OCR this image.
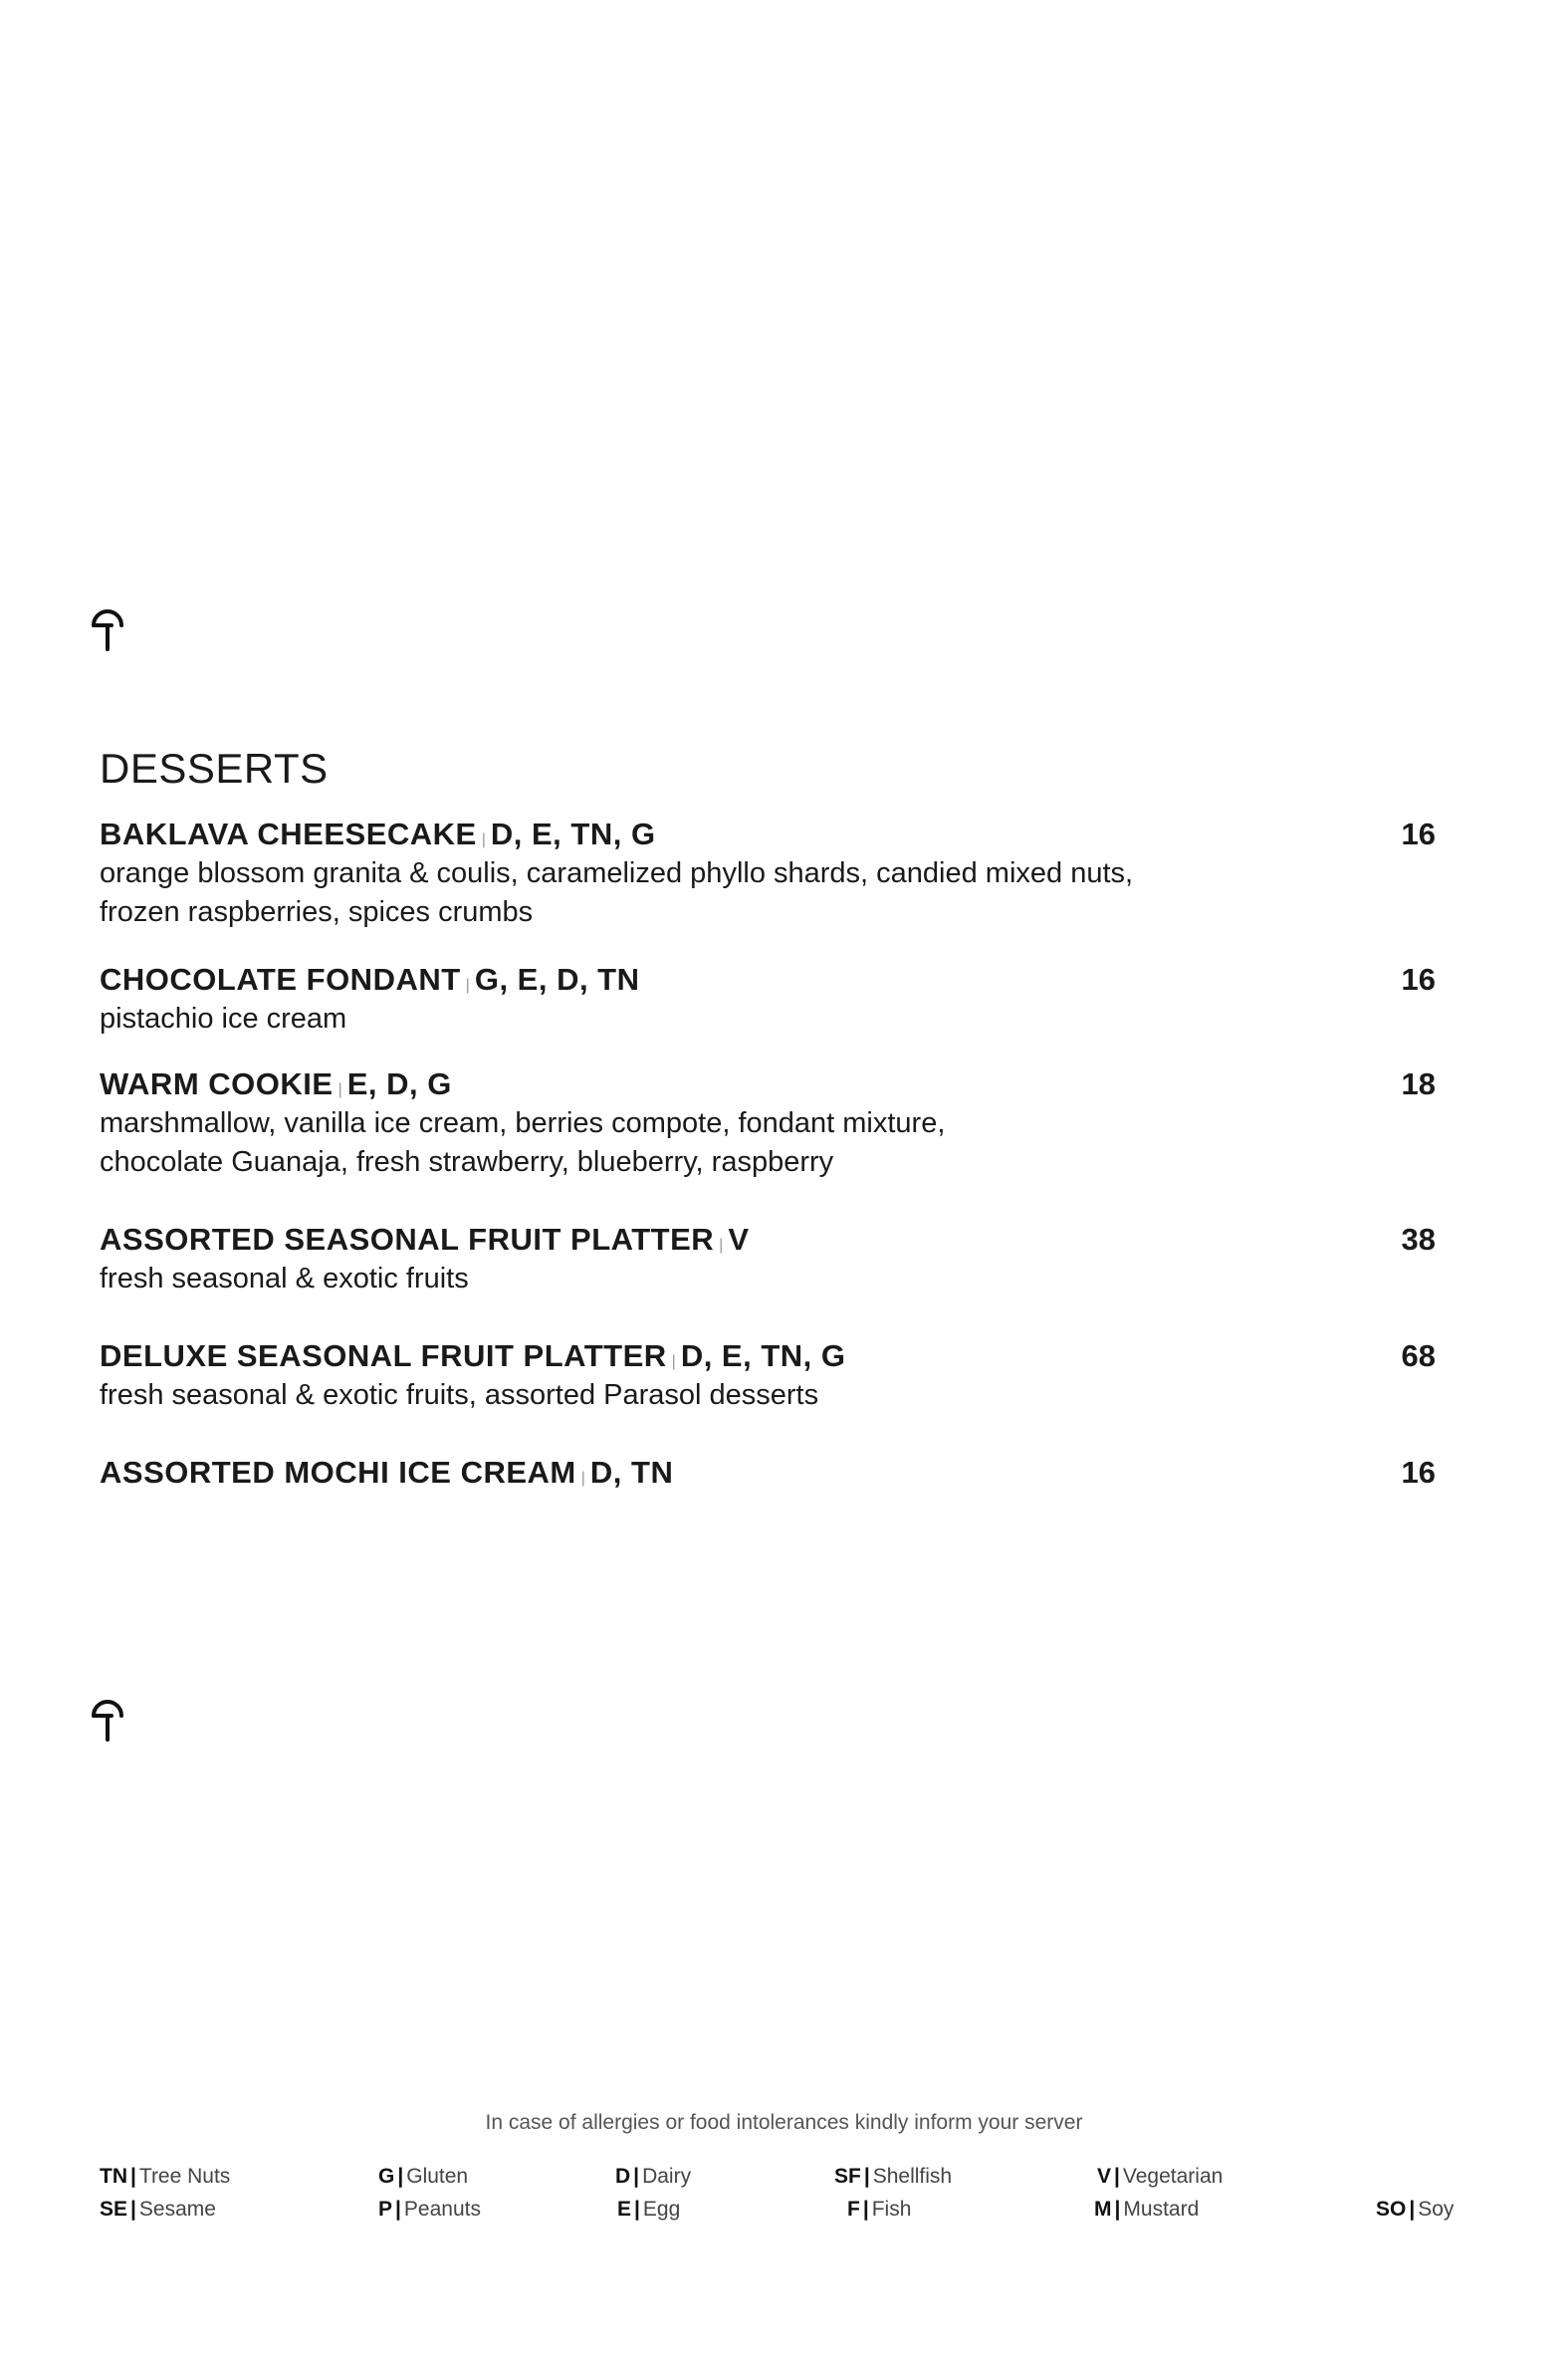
DESSERTS
BAKLAVA CHEESECAKE | D, E, TN, G	16
orange blossom granita & coulis, caramelized phyllo shards, candied mixed nuts,
frozen raspberries, spices crumbs
CHOCOLATE FONDANT | G, E, D, TN	16
pistachio ice cream
WARM COOKIE | E, D, G	18
marshmallow, vanilla ice cream, berries compote, fondant mixture,
chocolate Guanaja, fresh strawberry, blueberry, raspberry
ASSORTED SEASONAL FRUIT PLATTER | V	38
fresh seasonal & exotic fruits
DELUXE SEASONAL FRUIT PLATTER | D, E, TN, G	68
fresh seasonal & exotic fruits, assorted Parasol desserts
ASSORTED MOCHI ICE CREAM | D, TN	16
In case of allergies or food intolerances kindly inform your server
TN | Tree Nuts	G | Gluten	D | Dairy	SF | Shellfish	V | Vegetarian
SE | Sesame	P | Peanuts	E | Egg	F | Fish	M | Mustard	SO | Soy
